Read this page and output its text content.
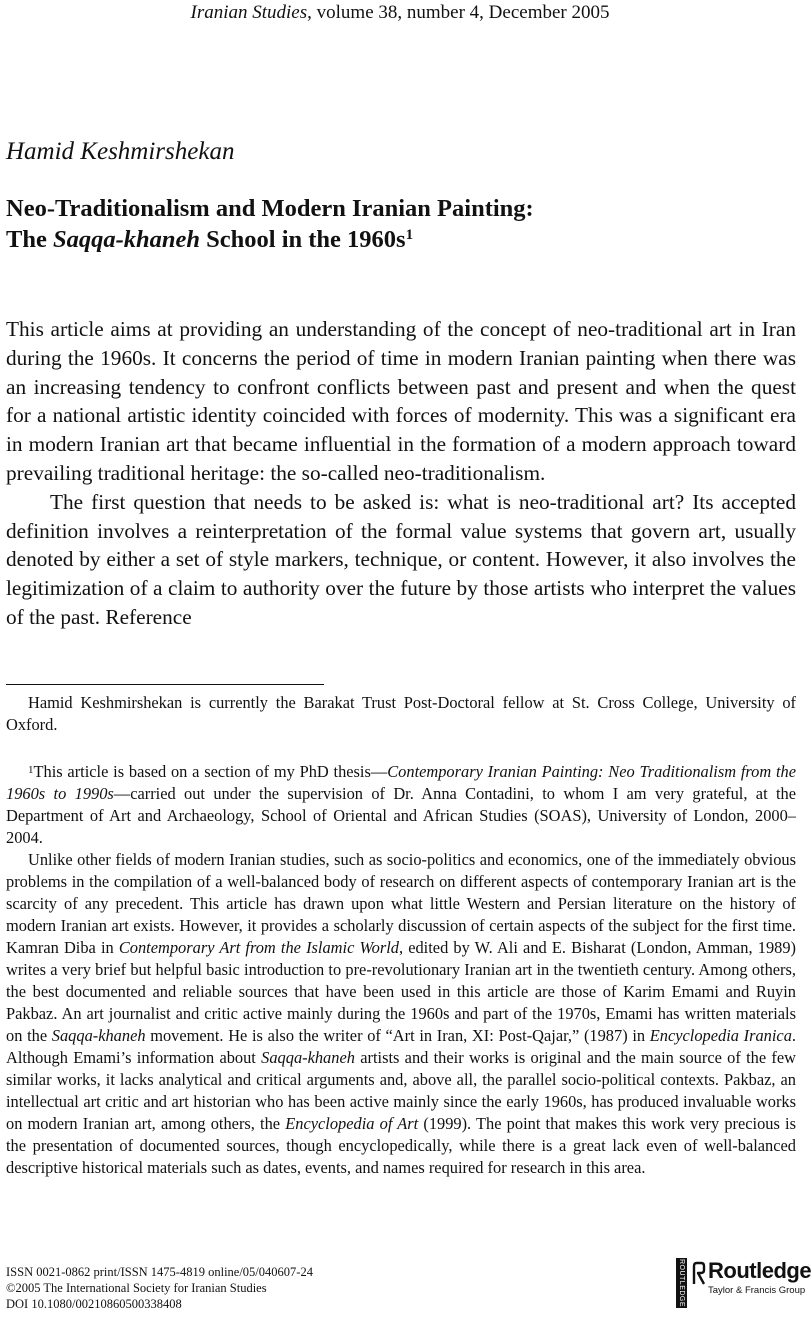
Iranian Studies, volume 38, number 4, December 2005
Hamid Keshmirshekan
Neo-Traditionalism and Modern Iranian Painting:
The Saqqa-khaneh School in the $1960s^1$

This article aims at providing an understanding of the concept of neo-traditional art in Iran during the 1960s. It concerns the period of time in modern Iranian painting when there was an increasing tendency to confront conflicts between past and present and when the quest for a national artistic identity coincided with forces of modernity. This was a significant era in modern Iranian art that became influential in the formation of a modern approach toward prevailing traditional heritage: the so-called neo-traditionalism.

The first question that needs to be asked is: what is neo-traditional art? Its accepted definition involves a reinterpretation of the formal value systems that govern art, usually denoted by either a set of style markers, technique, or content. However, it also involves the legitimization of a claim to authority over the future by those artists who interpret the values of the past. Reference

Hamid Keshmirshekan is currently the Barakat Trust Post-Doctoral fellow at St. Cross College, University of Oxford.

$^1$This article is based on a section of my PhD thesis—Contemporary Iranian Painting: Neo Traditionalism from the 1960s to 1990s—carried out under the supervision of Dr. Anna Contadini, to whom I am very grateful, at the Department of Art and Archaeology, School of Oriental and African Studies (SOAS), University of London, 2000–2004.

Unlike other fields of modern Iranian studies, such as socio-politics and economics, one of the immediately obvious problems in the compilation of a well-balanced body of research on different aspects of contemporary Iranian art is the scarcity of any precedent. This article has drawn upon what little Western and Persian literature on the history of modern Iranian art exists. However, it provides a scholarly discussion of certain aspects of the subject for the first time. Kamran Diba in Contemporary Art from the Islamic World, edited by W. Ali and E. Bisharat (London, Amman, 1989) writes a very brief but helpful basic introduction to pre-revolutionary Iranian art in the twentieth century. Among others, the best documented and reliable sources that have been used in this article are those of Karim Emami and Ruyin Pakbaz. An art journalist and critic active mainly during the 1960s and part of the 1970s, Emami has written materials on the Saqqa-khaneh movement. He is also the writer of “Art in Iran, XI: Post-Qajar,” (1987) in Encyclopedia Iranica. Although Emami’s information about Saqqa-khaneh artists and their works is original and the main source of the few similar works, it lacks analytical and critical arguments and, above all, the parallel socio-political contexts. Pakbaz, an intellectual art critic and art historian who has been active mainly since the early 1960s, has produced invaluable works on modern Iranian art, among others, the Encyclopedia of Art (1999). The point that makes this work very precious is the presentation of documented sources, though encyclopedically, while there is a great lack even of well-balanced descriptive historical materials such as dates, events, and names required for research in this area.

ISSN 0021-0862 print/ISSN 1475-4819 online/05/040607-24
©2005 The International Society for Iranian Studies
DOI 10.1080/00210860500338408	ROUTLEDGE Routledge
Taylor & Francis Group
